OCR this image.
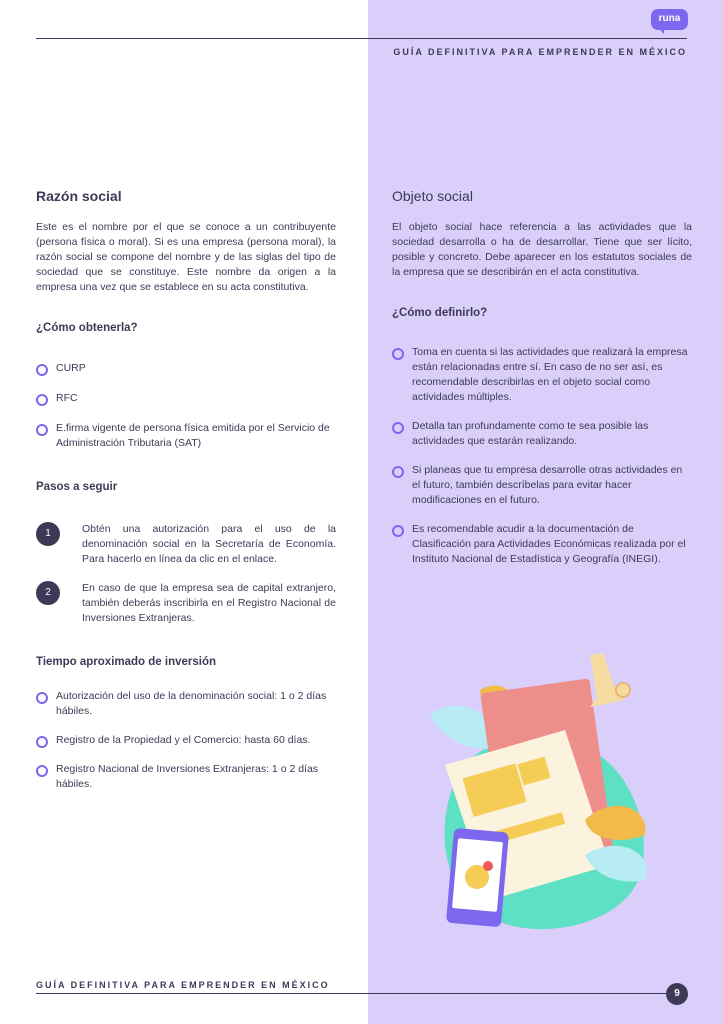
runa
GUÍA DEFINITIVA PARA EMPRENDER EN MÉXICO
Razón social

Este es el nombre por el que se conoce a un contribuyente (persona física o moral). Si es una empresa (persona moral), la razón social se compone del nombre y de las siglas del tipo de sociedad que se constituye. Este nombre da origen a la empresa una vez que se establece en su acta constitutiva.

¿Cómo obtenerla?
CURP
RFC
E.firma vigente de persona física emitida por el Servicio de Administración Tributaria (SAT)
Pasos a seguir
1	Obtén una autorización para el uso de la denominación social en la Secretaría de Economía. Para hacerlo en línea da clic en el enlace.
2	En caso de que la empresa sea de capital extranjero, también deberás inscribirla en el Registro Nacional de Inversiones Extranjeras.
Tiempo aproximado de inversión
Autorización del uso de la denominación social: 1 o 2 días hábiles.
Registro de la Propiedad y el Comercio: hasta 60 días.
Registro Nacional de Inversiones Extranjeras: 1 o 2 días hábiles.
Objeto social

El objeto social hace referencia a las actividades que la sociedad desarrolla o ha de desarrollar. Tiene que ser lícito, posible y concreto. Debe aparecer en los estatutos sociales de la empresa que se describirán en el acta constitutiva.

¿Cómo definirlo?
Toma en cuenta si las actividades que realizará la empresa están relacionadas entre sí. En caso de no ser así, es recomendable describirlas en el objeto social como actividades múltiples.
Detalla tan profundamente como te sea posible las actividades que estarán realizando.
Si planeas que tu empresa desarrolle otras actividades en el futuro, también descríbelas para evitar hacer modificaciones en el futuro.
Es recomendable acudir a la documentación de Clasificación para Actividades Económicas realizada por el Instituto Nacional de Estadística y Geografía (INEGI).
GUÍA DEFINITIVA PARA EMPRENDER EN MÉXICO
9
